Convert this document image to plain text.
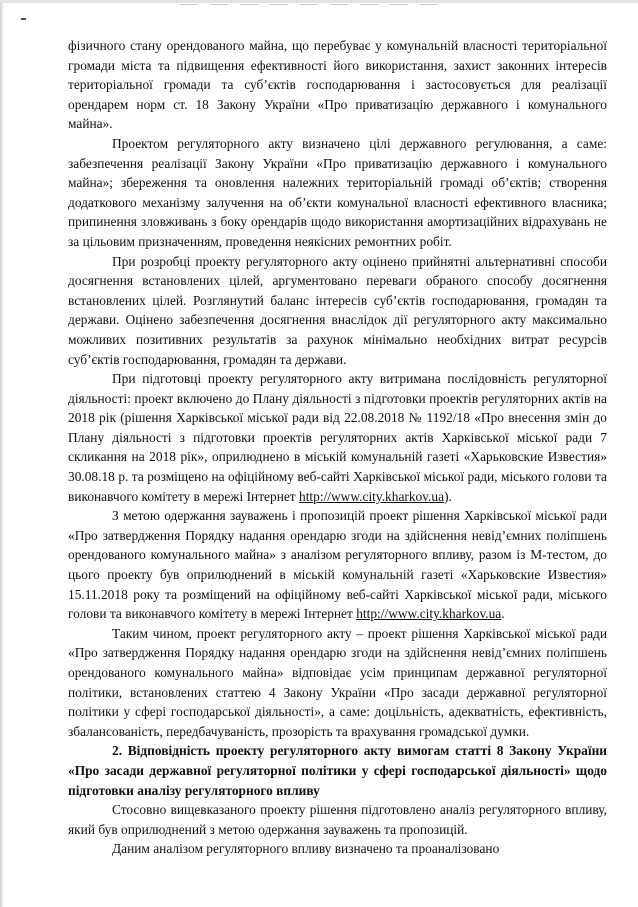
фізичного стану орендованого майна, що перебуває у комунальній власності територіальної громади міста та підвищення ефективності його використання, захист законних інтересів територіальної громади та суб’єктів господарювання і застосовується для реалізації орендарем норм ст. 18 Закону України «Про приватизацію державного і комунального майна».

Проектом регуляторного акту визначено цілі державного регулювання, а саме: забезпечення реалізації Закону України «Про приватизацію державного і комунального майна»; збереження та оновлення належних територіальній громаді об’єктів; створення додаткового механізму залучення на об’єкти комунальної власності ефективного власника; припинення зловживань з боку орендарів щодо використання амортизаційних відрахувань не за цільовим призначенням, проведення неякісних ремонтних робіт.

При розробці проекту регуляторного акту оцінено прийнятні альтернативні способи досягнення встановлених цілей, аргументовано переваги обраного способу досягнення встановлених цілей. Розглянутий баланс інтересів суб’єктів господарювання, громадян та держави. Оцінено забезпечення досягнення внаслідок дії регуляторного акту максимально можливих позитивних результатів за рахунок мінімально необхідних витрат ресурсів суб’єктів господарювання, громадян та держави.

При підготовці проекту регуляторного акту витримана послідовність регуляторної діяльності: проект включено до Плану діяльності з підготовки проектів регуляторних актів на 2018 рік (рішення Харківської міської ради від 22.08.2018 № 1192/18 «Про внесення змін до Плану діяльності з підготовки проектів регуляторних актів Харківської міської ради 7 скликання на 2018 рік», оприлюднено в міській комунальній газеті «Харьковские Известия» 30.08.18 р. та розміщено на офіційному веб-сайті Харківської міської ради, міського голови та виконавчого комітету в мережі Інтернет http://www.city.kharkov.ua).

З метою одержання зауважень і пропозицій проект рішення Харківської міської ради «Про затвердження Порядку надання орендарю згоди на здійснення невід’ємних поліпшень орендованого комунального майна» з аналізом регуляторного впливу, разом із М-тестом, до цього проекту був оприлюднений в міській комунальній газеті «Харьковские Известия» 15.11.2018 року та розміщений на офіційному веб-сайті Харківської міської ради, міського голови та виконавчого комітету в мережі Інтернет http://www.city.kharkov.ua.

Таким чином, проект регуляторного акту – проект рішення Харківської міської ради «Про затвердження Порядку надання орендарю згоди на здійснення невід’ємних поліпшень орендованого комунального майна» відповідає усім принципам державної регуляторної політики, встановлених статтею 4 Закону України «Про засади державної регуляторної політики у сфері господарської діяльності», а саме: доцільність, адекватність, ефективність, збалансованість, передбачуваність, прозорість та врахування громадської думки.

2. Відповідність проекту регуляторного акту вимогам статті 8 Закону України «Про засади державної регуляторної політики у сфері господарської діяльності» щодо підготовки аналізу регуляторного впливу

Стосовно вищевказаного проекту рішення підготовлено аналіз регуляторного впливу, який був оприлюднений з метою одержання зауважень та пропозицій.

Даним аналізом регуляторного впливу визначено та проаналізовано
